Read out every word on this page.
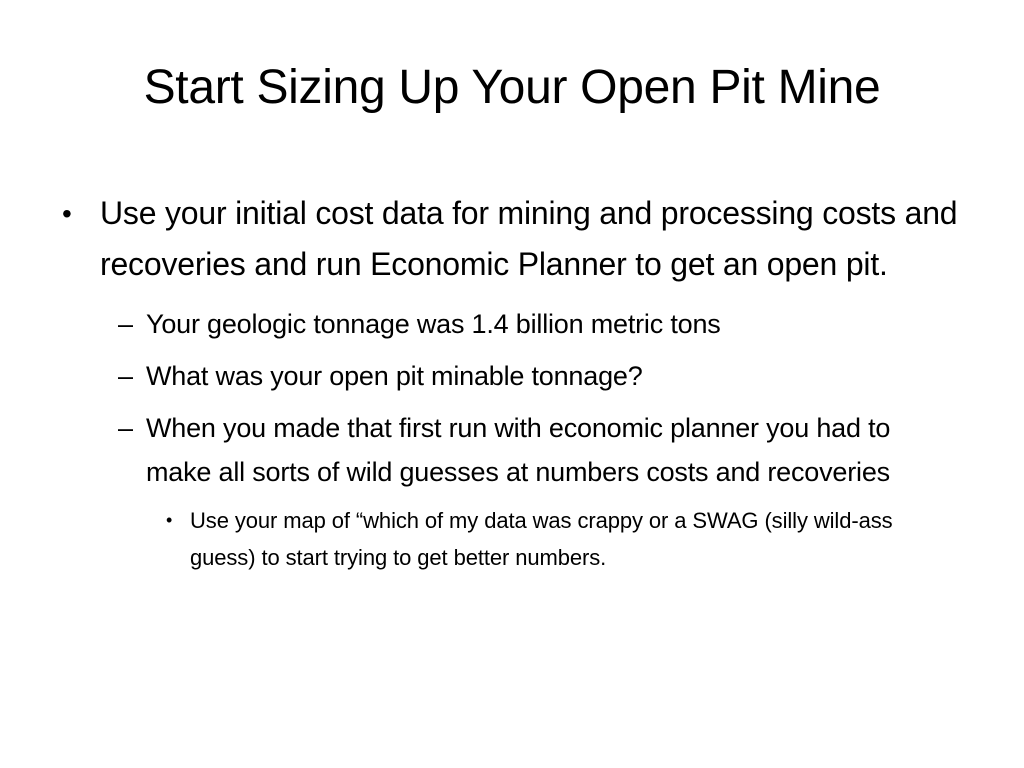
Start Sizing Up Your Open Pit Mine
• Use your initial cost data for mining and processing costs and recoveries and run Economic Planner to get an open pit.
– Your geologic tonnage was 1.4 billion metric tons
– What was your open pit minable tonnage?
– When you made that first run with economic planner you had to make all sorts of wild guesses at numbers costs and recoveries
• Use your map of “which of my data was crappy or a SWAG (silly wild-ass guess) to start trying to get better numbers.
